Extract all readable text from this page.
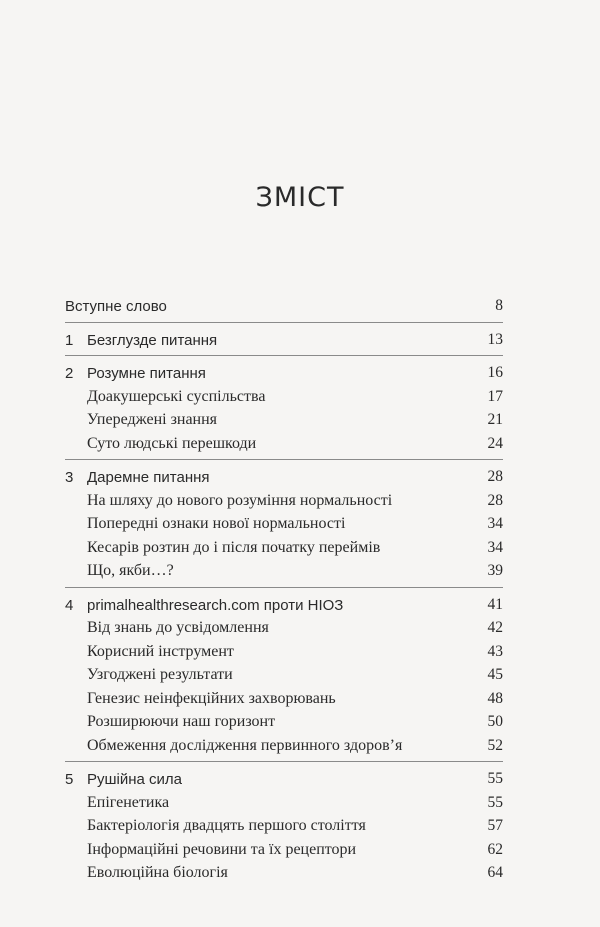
ЗМІСТ
Вступне слово	8
1 Безглузде питання	13
2 Розумне питання	16
Доакушерські суспільства	17
Упереджені знання	21
Суто людські перешкоди	24
3 Даремне питання	28
На шляху до нового розуміння нормальності	28
Попередні ознаки нової нормальності	34
Кесарів розтин до і після початку переймів	34
Що, якби…?	39
4 primalhealthresearch.com проти НІОЗ	41
Від знань до усвідомлення	42
Корисний інструмент	43
Узгоджені результати	45
Генезис неінфекційних захворювань	48
Розширюючи наш горизонт	50
Обмеження дослідження первинного здоров’я	52
5 Рушійна сила	55
Епігенетика	55
Бактеріологія двадцять першого століття	57
Інформаційні речовини та їх рецептори	62
Еволюційна біологія	64
